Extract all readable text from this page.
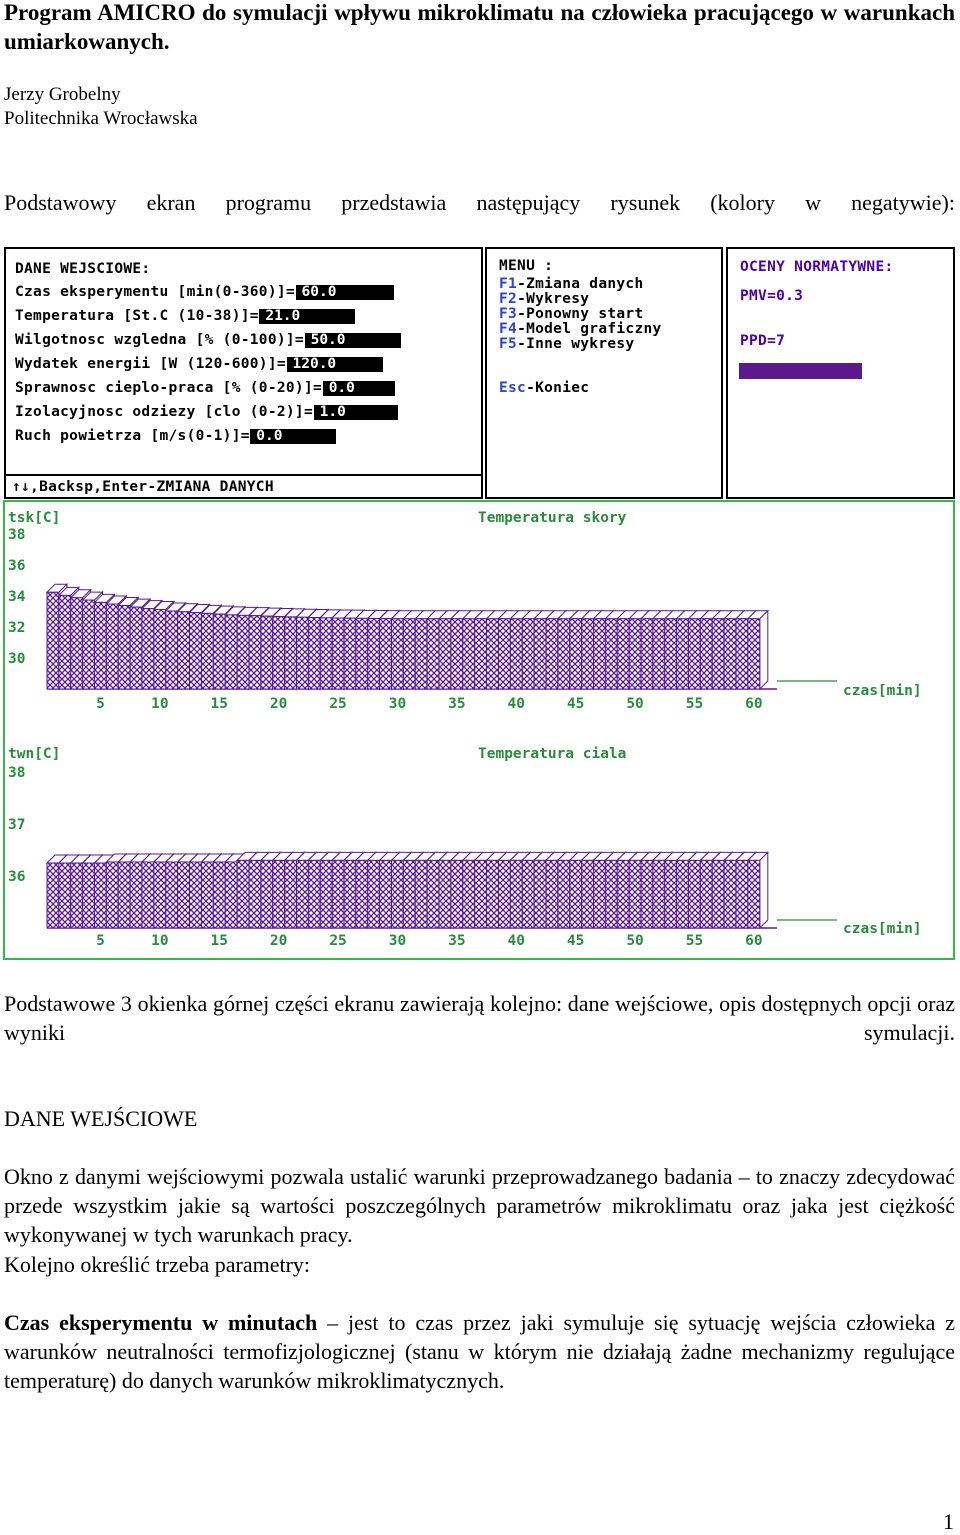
Program AMICRO do symulacji wpływu mikroklimatu na człowieka pracującego w warunkach umiarkowanych.
Jerzy Grobelny
Politechnika Wrocławska
Podstawowy ekran programu przedstawia następujący rysunek (kolory w negatywie):
DANE WEJSCIOWE:
Czas eksperymentu [min(0-360)]= 60.0
Temperatura [St.C (10-38)]= 21.0
Wilgotnosc wzgledna [% (0-100)]= 50.0
Wydatek energii [W (120-600)]= 120.0
Sprawnosc cieplo-praca [% (0-20)]= 0.0
Izolacyjnosc odziezy [clo (0-2)]= 1.0
Ruch powietrza [m/s(0-1)]= 0.0
↑↓,Backsp,Enter-ZMIANA DANYCH
MENU :
F1-Zmiana danych
F2-Wykresy
F3-Ponowny start
F4-Model graficzny
F5-Inne wykresy
Esc-Koniec
OCENY NORMATYWNE:
PMV=0.3
PPD=7
tsk[C]	Temperatura skory
38
36
34
32
30
5	10	15	20	25	30	35	40	45	50	55	60
czas[min]
twn[C]	Temperatura ciala
38
37
36
5	10	15	20	25	30	35	40	45	50	55	60
czas[min]
Podstawowe 3 okienka górnej części ekranu zawierają kolejno: dane wejściowe, opis dostępnych opcji oraz wyniki symulacji.
DANE WEJŚCIOWE
Okno z danymi wejściowymi pozwala ustalić warunki przeprowadzanego badania – to znaczy zdecydować przede wszystkim jakie są wartości poszczególnych parametrów mikroklimatu oraz jaka jest ciężkość wykonywanej w tych warunkach pracy.
Kolejno określić trzeba parametry:
Czas eksperymentu w minutach – jest to czas przez jaki symuluje się sytuację wejścia człowieka z warunków neutralności termofizjologicznej (stanu w którym nie działają żadne mechanizmy regulujące temperaturę) do danych warunków mikroklimatycznych.
1
